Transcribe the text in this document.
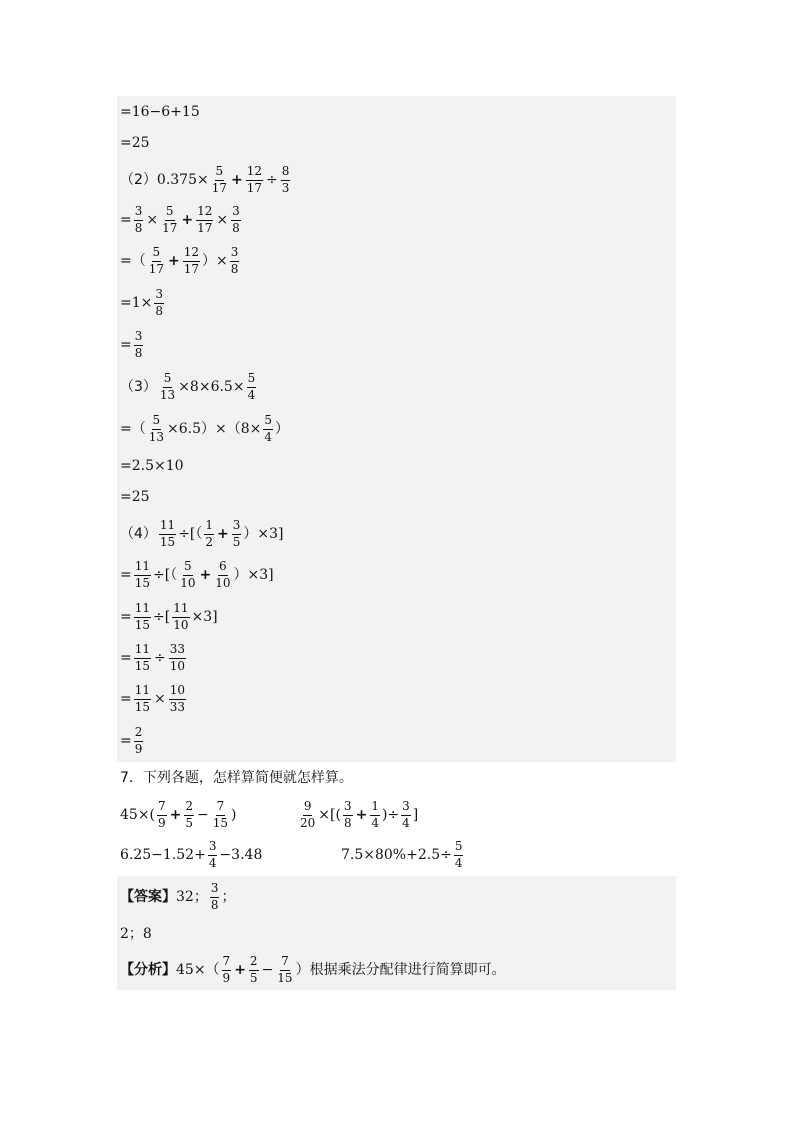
=16−6+15
=25
（2） $0.375\times \frac{5}{17} + \frac{12}{17} \div \frac{8}{3}$
= $\frac{3}{8} \times \frac{5}{17} + \frac{12}{17} \times \frac{3}{8}$
=（ $\frac{5}{17} + \frac{12}{17}$ ）× $\frac{3}{8}$
$=1\times \frac{3}{8}$
= $\frac{3}{8}$
$(3) \frac{5}{13} \times 8\times 6.5\times \frac{5}{4}$
=（ $\frac{5}{13} \times 6.5)\times(8\times \frac{5}{4}$ ）
=2.5×10
=25
$(4) \frac{11}{15}$ ÷[（ $\frac{1}{2} + \frac{3}{5} )\times 3$]
= $\frac{11}{15}$ ÷[（ $\frac{5}{10} + \frac{6}{10} )\times 3$]
= $\frac{11}{15}$ ÷[ $\frac{11}{10} \times 3$]
= $\frac{11}{15} \div \frac{33}{10}$
= $\frac{11}{15} \times \frac{10}{33}$
= $\frac{2}{9}$
7．下列各题，怎样算简便就怎样算。
$45\times( \frac{7}{9} + \frac{2}{5} - \frac{7}{15}$ )	$\frac{9}{20}$ ×[( $\frac{3}{8} + \frac{1}{4}$ )÷ $\frac{3}{4}$ ]
$6.25-1.52+ \frac{3}{4} -3.48$	$7.5\times 80\%+2.5\div \frac{5}{4}$
【答案】 32； $\frac{3}{8}$ ；
2；8
【分析】 $45\times( \frac{7}{9} + \frac{2}{5} - \frac{7}{15}$ ）根据乘法分配律进行简算即可。
